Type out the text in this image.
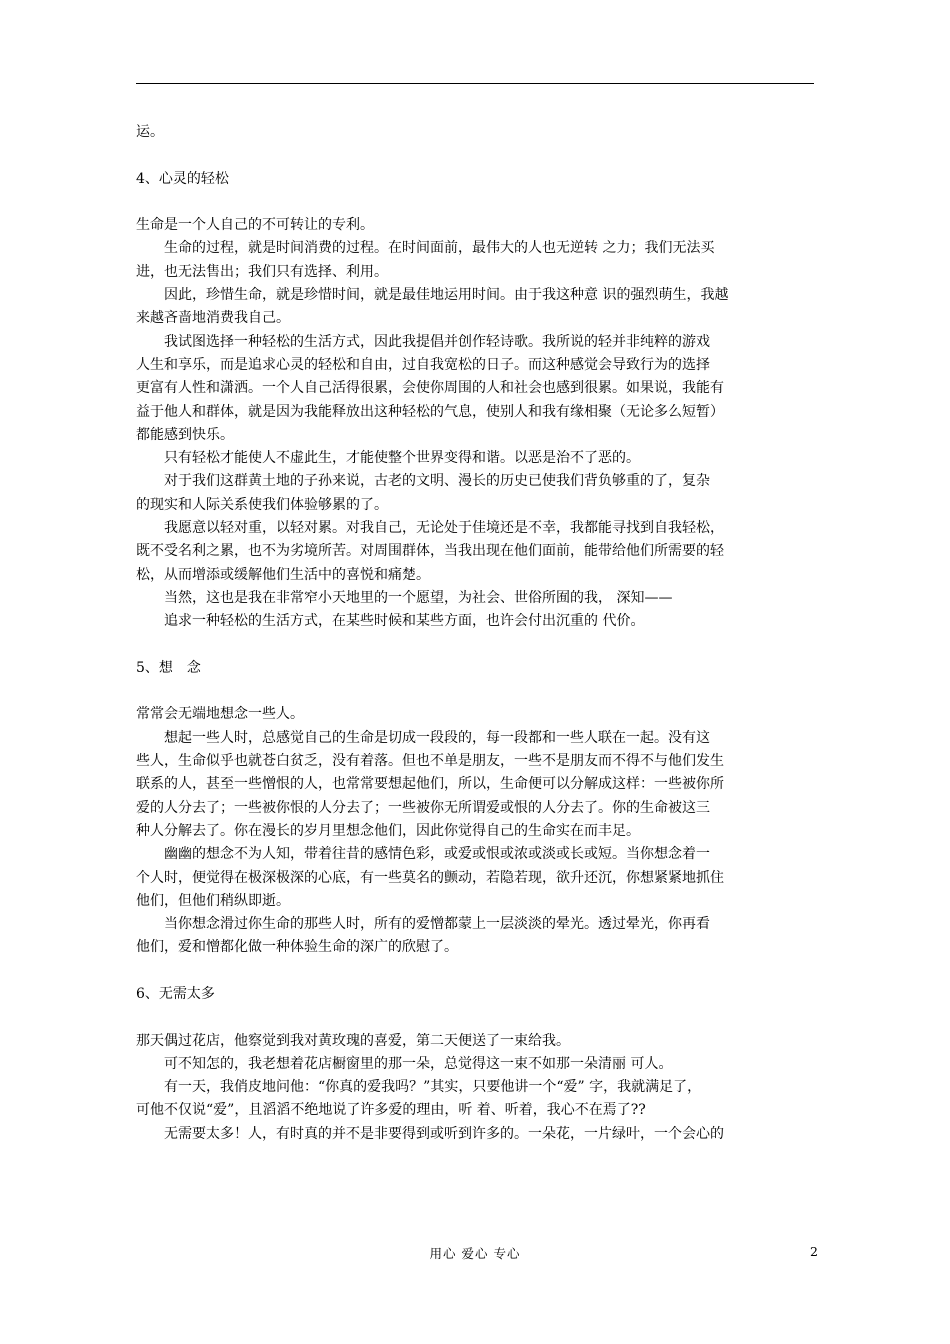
运。
4、心灵的轻松
生命是一个人自己的不可转让的专利。
生命的过程，就是时间消费的过程。在时间面前，最伟大的人也无逆转 之力；我们无法买
进，也无法售出；我们只有选择、利用。
因此，珍惜生命，就是珍惜时间，就是最佳地运用时间。由于我这种意 识的强烈萌生，我越
来越吝啬地消费我自己。
我试图选择一种轻松的生活方式，因此我提倡并创作轻诗歌。我所说的轻并非纯粹的游戏
人生和享乐，而是追求心灵的轻松和自由，过自我宽松的日子。而这种感觉会导致行为的选择
更富有人性和潇洒。一个人自己活得很累，会使你周围的人和社会也感到很累。如果说，我能有
益于他人和群体，就是因为我能释放出这种轻松的气息，使别人和我有缘相聚（无论多么短暂）
都能感到快乐。
只有轻松才能使人不虚此生，才能使整个世界变得和谐。以恶是治不了恶的。
对于我们这群黄土地的子孙来说，古老的文明、漫长的历史已使我们背负够重的了，复杂
的现实和人际关系使我们体验够累的了。
我愿意以轻对重，以轻对累。对我自己，无论处于佳境还是不幸，我都能寻找到自我轻松，
既不受名利之累，也不为劣境所苦。对周围群体，当我出现在他们面前，能带给他们所需要的轻
松，从而增添或缓解他们生活中的喜悦和痛楚。
当然，这也是我在非常窄小天地里的一个愿望，为社会、世俗所囿的我， 深知——
追求一种轻松的生活方式，在某些时候和某些方面，也许会付出沉重的 代价。
5、想　念
常常会无端地想念一些人。
想起一些人时，总感觉自己的生命是切成一段段的，每一段都和一些人联在一起。没有这
些人，生命似乎也就苍白贫乏，没有着落。但也不单是朋友，一些不是朋友而不得不与他们发生
联系的人，甚至一些憎恨的人，也常常要想起他们，所以，生命便可以分解成这样：一些被你所
爱的人分去了；一些被你恨的人分去了；一些被你无所谓爱或恨的人分去了。你的生命被这三
种人分解去了。你在漫长的岁月里想念他们，因此你觉得自己的生命实在而丰足。
幽幽的想念不为人知，带着往昔的感情色彩，或爱或恨或浓或淡或长或短。当你想念着一
个人时，便觉得在极深极深的心底，有一些莫名的颤动，若隐若现，欲升还沉，你想紧紧地抓住
他们，但他们稍纵即逝。
当你想念滑过你生命的那些人时，所有的爱憎都蒙上一层淡淡的晕光。透过晕光，你再看
他们，爱和憎都化做一种体验生命的深广的欣慰了。
6、无需太多
那天偶过花店，他察觉到我对黄玫瑰的喜爱，第二天便送了一束给我。
可不知怎的，我老想着花店橱窗里的那一朵，总觉得这一束不如那一朵清丽 可人。
有一天，我俏皮地问他：“你真的爱我吗？”其实，只要他讲一个“爱” 字，我就满足了，
可他不仅说“爱”，且滔滔不绝地说了许多爱的理由，听 着、听着，我心不在焉了??
无需要太多！人，有时真的并不是非要得到或听到许多的。一朵花，一片绿叶，一个会心的
用心 爱心 专心	2
